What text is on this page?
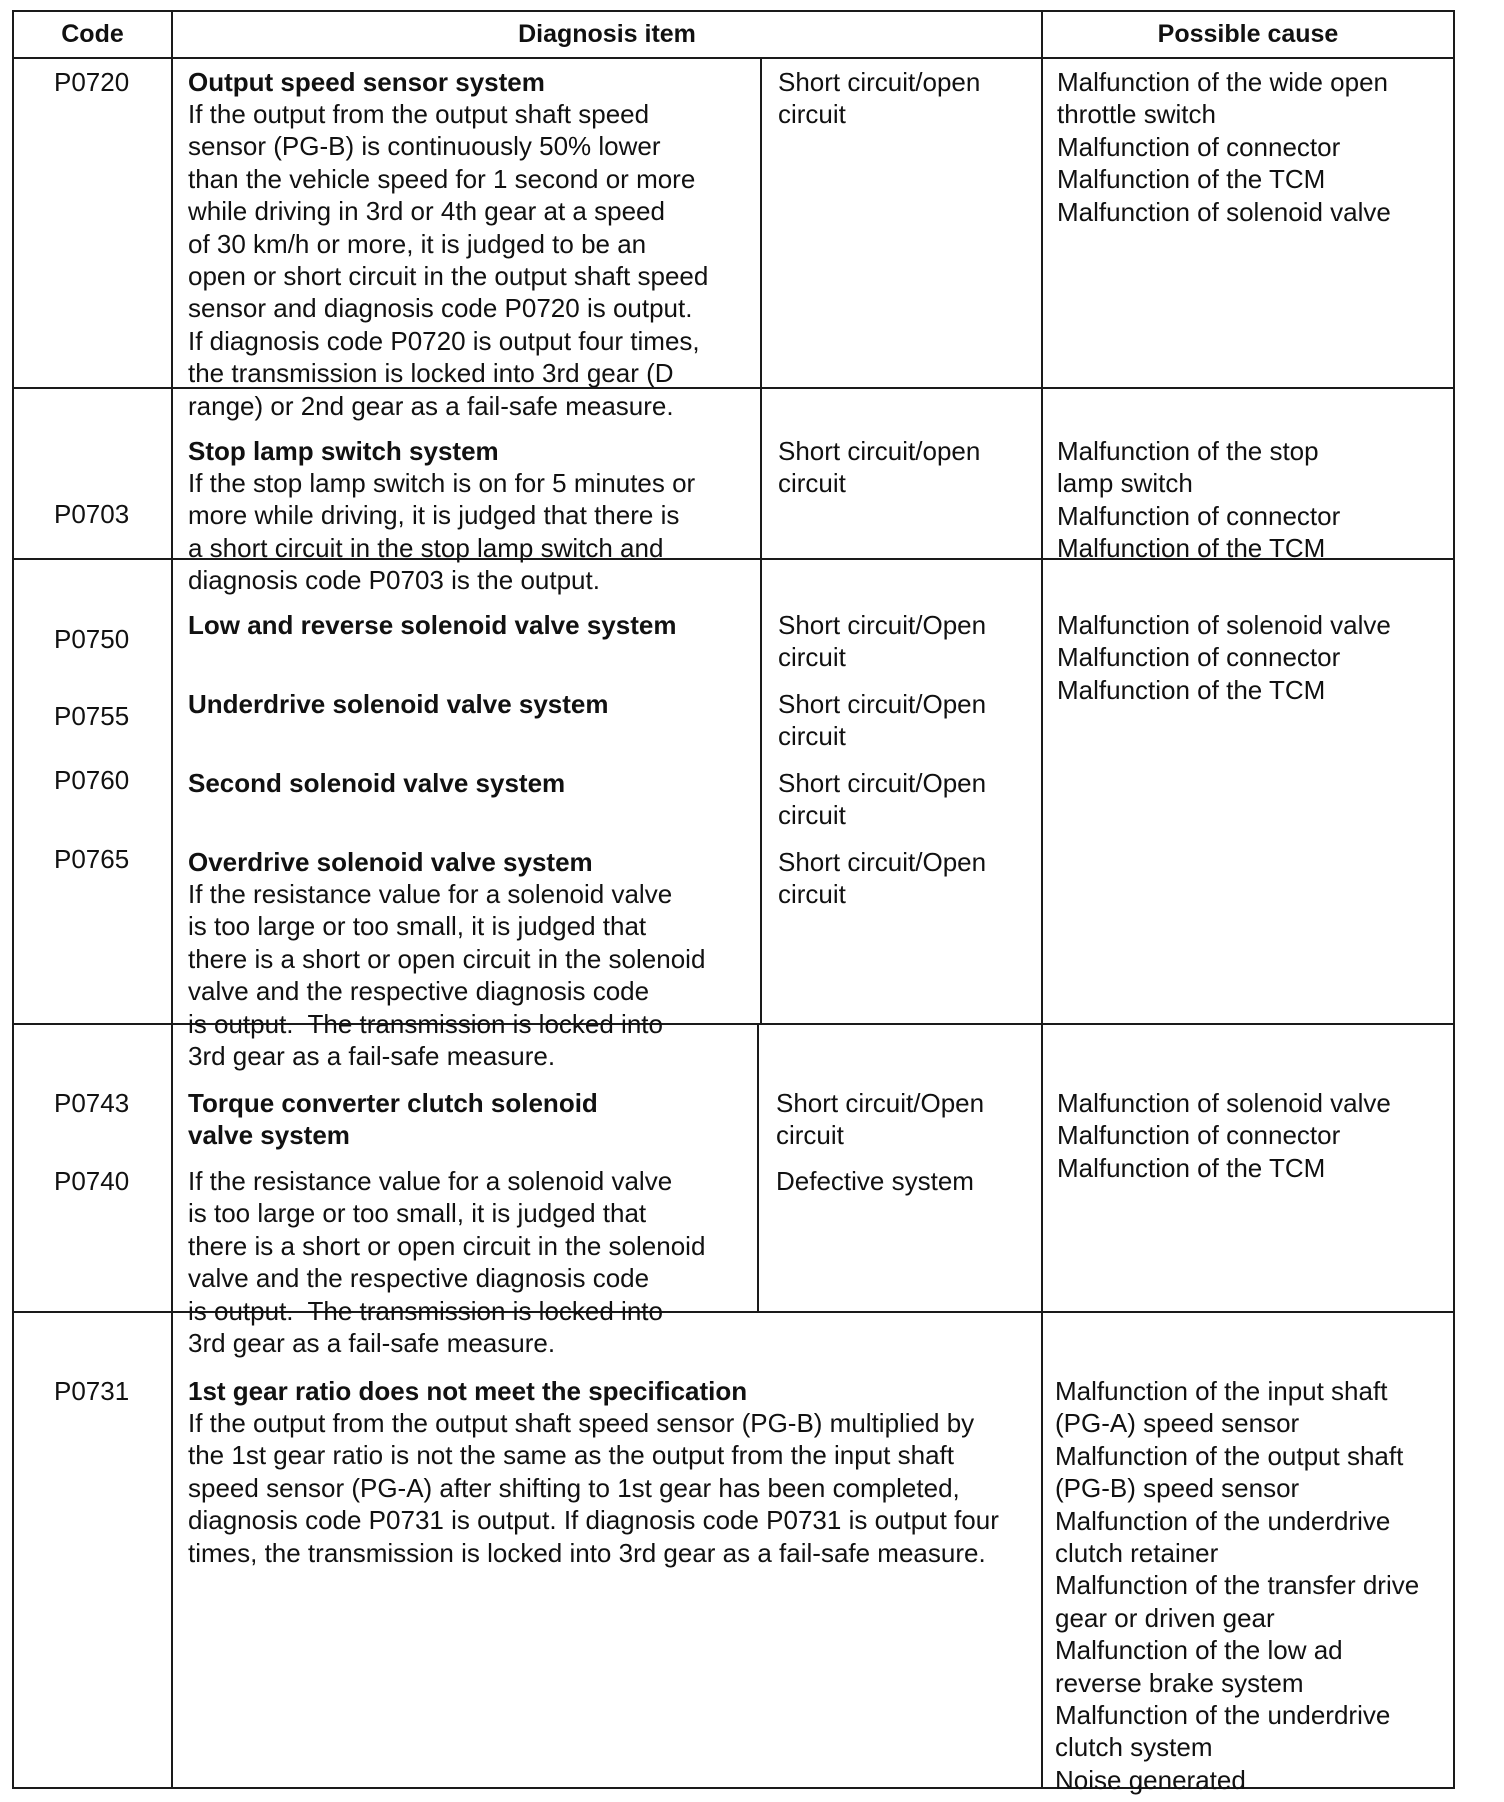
Code	Diagnosis item	Possible cause
P0720 Output speed sensor system
If the output from the output shaft speed
sensor (PG-B) is continuously 50% lower
than the vehicle speed for 1 second or more
while driving in 3rd or 4th gear at a speed
of 30 km/h or more, it is judged to be an
open or short circuit in the output shaft speed
sensor and diagnosis code P0720 is output.
If diagnosis code P0720 is output four times,
the transmission is locked into 3rd gear (D
range) or 2nd gear as a fail-safe measure.
Short circuit/open
circuit
Malfunction of the wide open
throttle switch
Malfunction of connector
Malfunction of the TCM
Malfunction of solenoid valve
P0703
Stop lamp switch system
If the stop lamp switch is on for 5 minutes or
more while driving, it is judged that there is
a short circuit in the stop lamp switch and
diagnosis code P0703 is the output.
Short circuit/open
circuit
Malfunction of the stop
lamp switch
Malfunction of connector
Malfunction of the TCM
P0750
P0755
P0760
P0765
Low and reverse solenoid valve system
Underdrive solenoid valve system
Second solenoid valve system
Overdrive solenoid valve system
If the resistance value for a solenoid valve
is too large or too small, it is judged that
there is a short or open circuit in the solenoid
valve and the respective diagnosis code
is output.  The transmission is locked into
3rd gear as a fail-safe measure.
Short circuit/Open
circuit
Short circuit/Open
circuit
Short circuit/Open
circuit
Short circuit/Open
circuit
Malfunction of solenoid valve
Malfunction of connector
Malfunction of the TCM
P0743
P0740
Torque converter clutch solenoid
valve system
If the resistance value for a solenoid valve
is too large or too small, it is judged that
there is a short or open circuit in the solenoid
valve and the respective diagnosis code
is output.  The transmission is locked into
3rd gear as a fail-safe measure.
Short circuit/Open
circuit
Defective system
Malfunction of solenoid valve
Malfunction of connector
Malfunction of the TCM
P0731 1st gear ratio does not meet the specification
If the output from the output shaft speed sensor (PG-B) multiplied by
the 1st gear ratio is not the same as the output from the input shaft
speed sensor (PG-A) after shifting to 1st gear has been completed,
diagnosis code P0731 is output. If diagnosis code P0731 is output four
times, the transmission is locked into 3rd gear as a fail-safe measure.
Malfunction of the input shaft
(PG-A) speed sensor
Malfunction of the output shaft
(PG-B) speed sensor
Malfunction of the underdrive
clutch retainer
Malfunction of the transfer drive
gear or driven gear
Malfunction of the low ad
reverse brake system
Malfunction of the underdrive
clutch system
Noise generated
